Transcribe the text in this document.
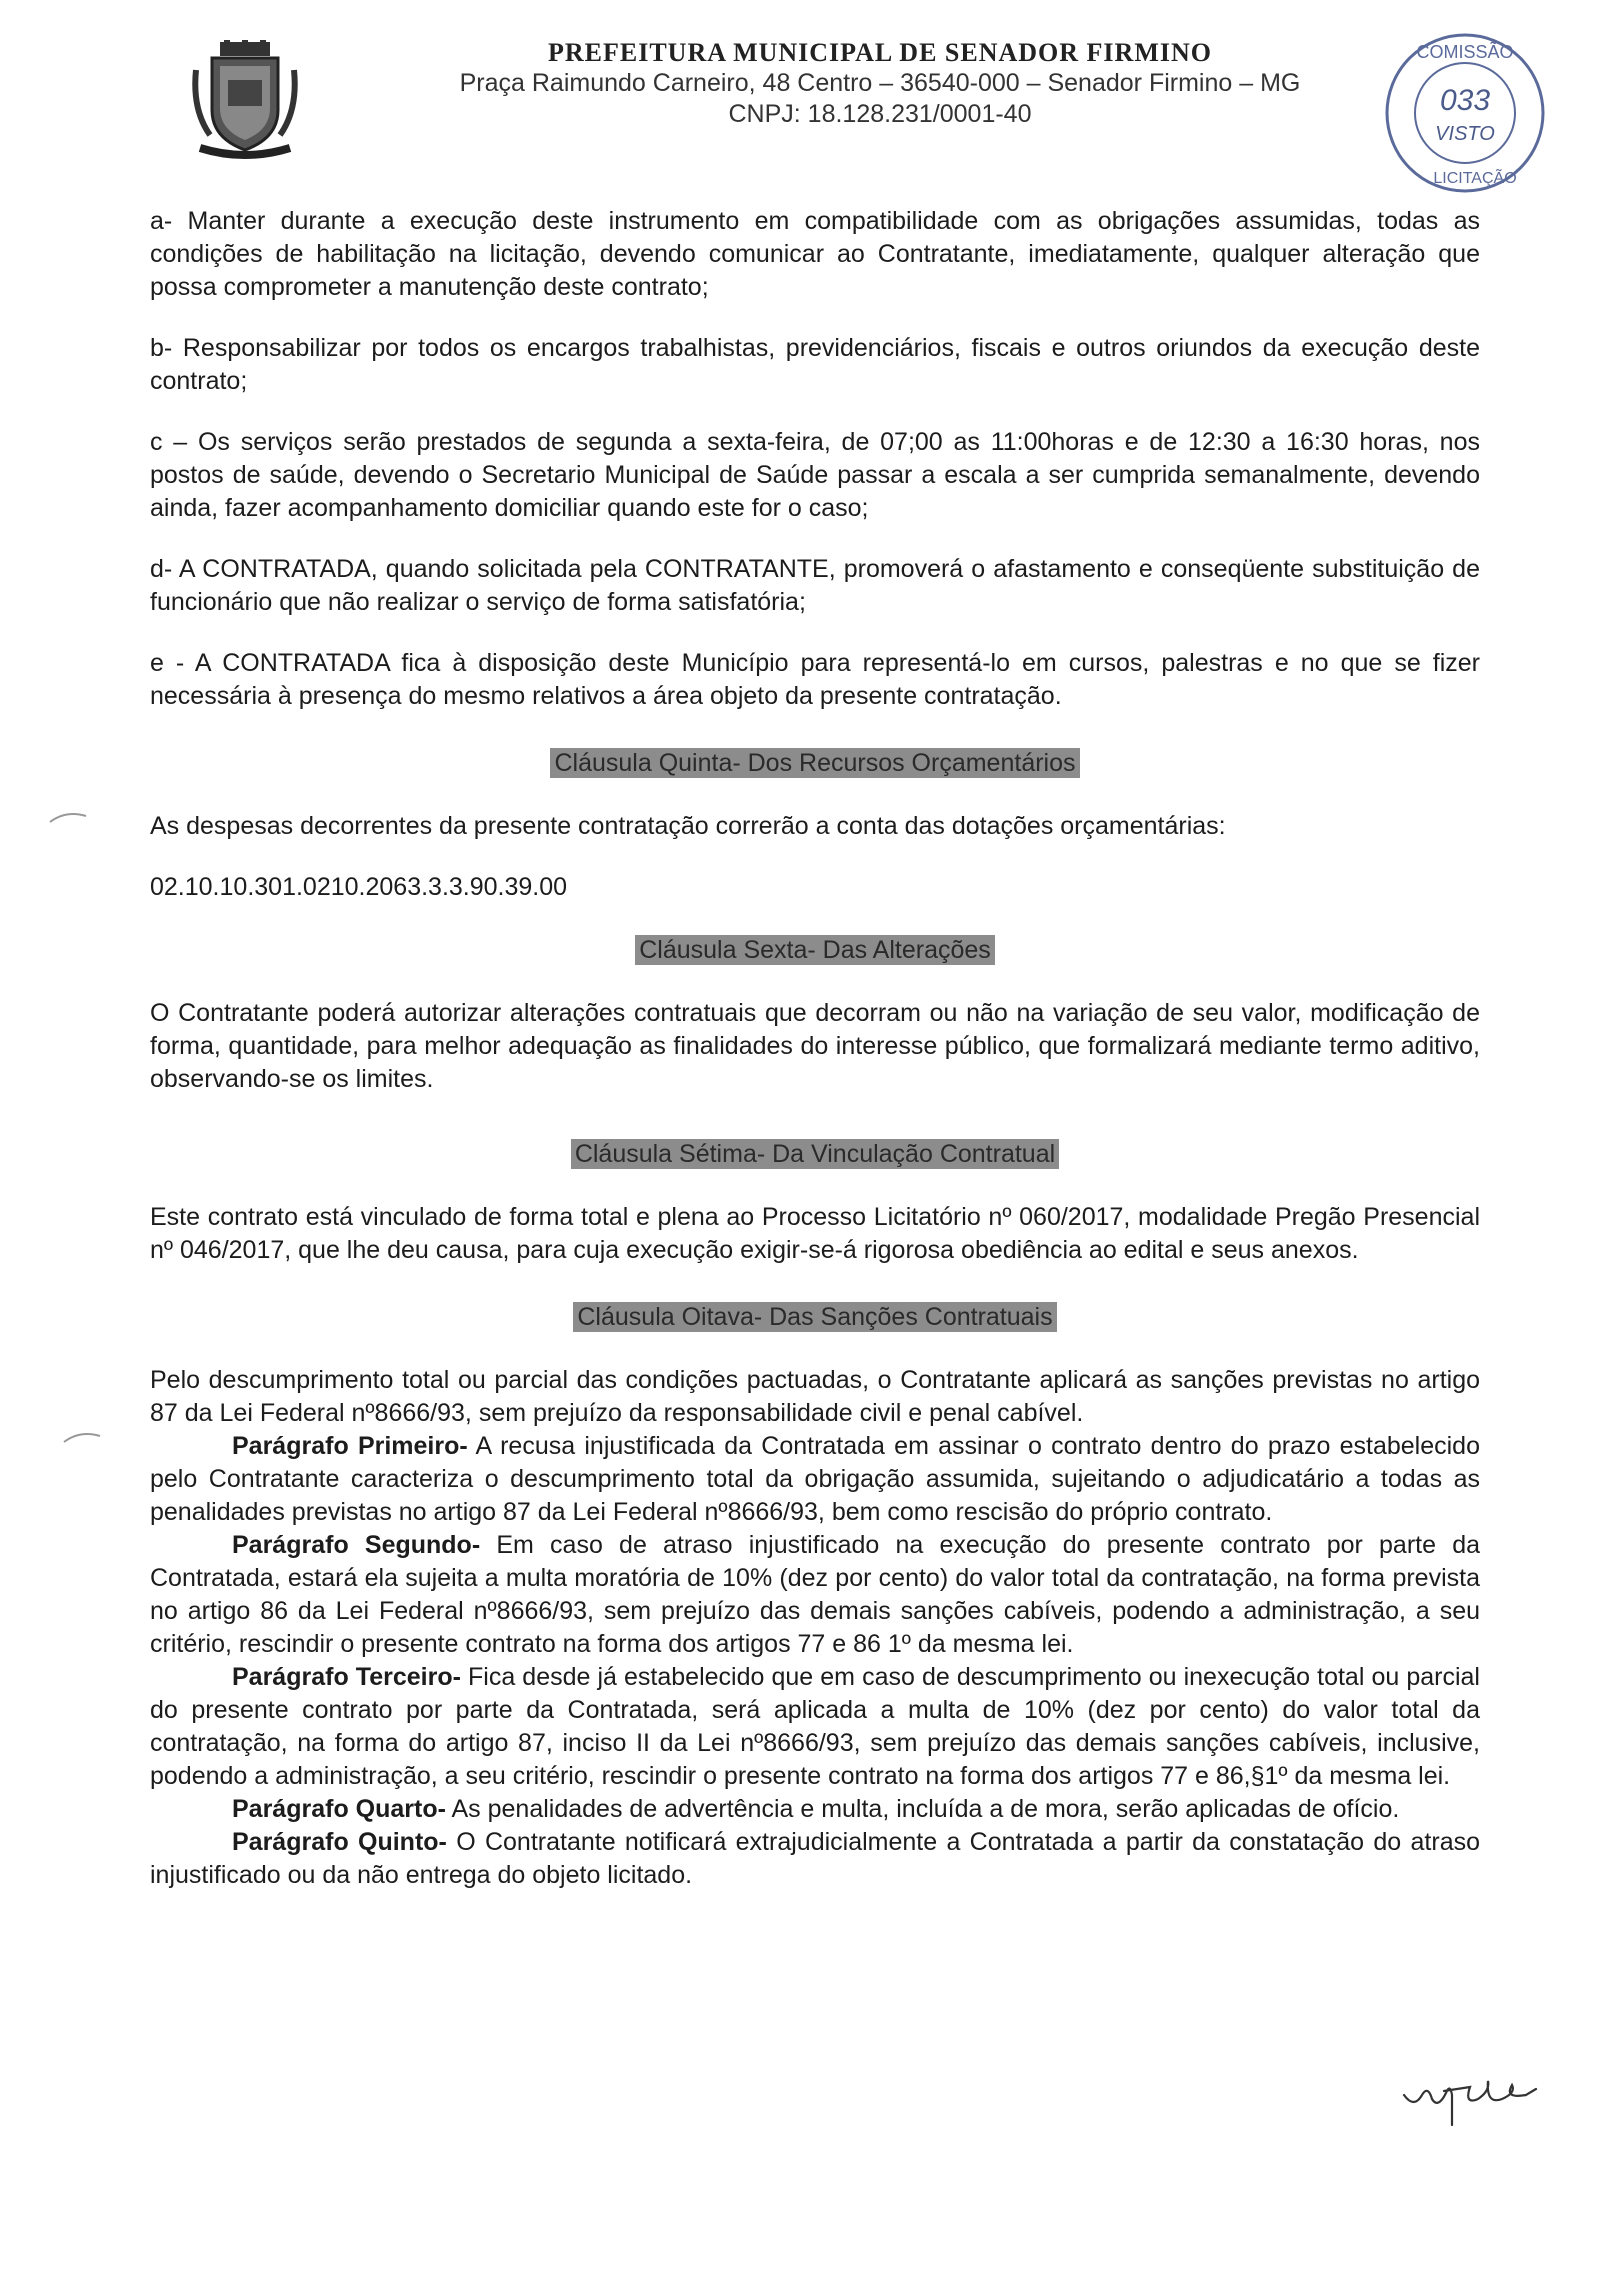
PREFEITURA MUNICIPAL DE SENADOR FIRMINO
Praça Raimundo Carneiro, 48 Centro – 36540-000 – Senador Firmino – MG
CNPJ: 18.128.231/0001-40
COMISSÃO
033
VISTO
LICITAÇÃO

a- Manter durante a execução deste instrumento em compatibilidade com as obrigações assumidas, todas as condições de habilitação na licitação, devendo comunicar ao Contratante, imediatamente, qualquer alteração que possa comprometer a manutenção deste contrato;

b- Responsabilizar por todos os encargos trabalhistas, previdenciários, fiscais e outros oriundos da execução deste contrato;

c – Os serviços serão prestados de segunda a sexta-feira, de 07;00 as 11:00horas e de 12:30 a 16:30 horas, nos postos de saúde, devendo o Secretario Municipal de Saúde passar a escala a ser cumprida semanalmente, devendo ainda, fazer acompanhamento domiciliar quando este for o caso;

d- A CONTRATADA, quando solicitada pela CONTRATANTE, promoverá o afastamento e conseqüente substituição de funcionário que não realizar o serviço de forma satisfatória;

e - A CONTRATADA fica à disposição deste Município para representá-lo em cursos, palestras e no que se fizer necessária à presença do mesmo relativos a área objeto da presente contratação.

Cláusula Quinta- Dos Recursos Orçamentários

As despesas decorrentes da presente contratação correrão a conta das dotações orçamentárias:

02.10.10.301.0210.2063.3.3.90.39.00

Cláusula Sexta- Das Alterações

O Contratante poderá autorizar alterações contratuais que decorram ou não na variação de seu valor, modificação de forma, quantidade, para melhor adequação as finalidades do interesse público, que formalizará mediante termo aditivo, observando-se os limites.

Cláusula Sétima- Da Vinculação Contratual

Este contrato está vinculado de forma total e plena ao Processo Licitatório nº 060/2017, modalidade Pregão Presencial nº 046/2017, que lhe deu causa, para cuja execução exigir-se-á rigorosa obediência ao edital e seus anexos.

Cláusula Oitava- Das Sanções Contratuais

Pelo descumprimento total ou parcial das condições pactuadas, o Contratante aplicará as sanções previstas no artigo 87 da Lei Federal nº8666/93, sem prejuízo da responsabilidade civil e penal cabível.

Parágrafo Primeiro- A recusa injustificada da Contratada em assinar o contrato dentro do prazo estabelecido pelo Contratante caracteriza o descumprimento total da obrigação assumida, sujeitando o adjudicatário a todas as penalidades previstas no artigo 87 da Lei Federal nº8666/93, bem como rescisão do próprio contrato.

Parágrafo Segundo- Em caso de atraso injustificado na execução do presente contrato por parte da Contratada, estará ela sujeita a multa moratória de 10% (dez por cento) do valor total da contratação, na forma prevista no artigo 86 da Lei Federal nº8666/93, sem prejuízo das demais sanções cabíveis, podendo a administração, a seu critério, rescindir o presente contrato na forma dos artigos 77 e 86 1º da mesma lei.

Parágrafo Terceiro- Fica desde já estabelecido que em caso de descumprimento ou inexecução total ou parcial do presente contrato por parte da Contratada, será aplicada a multa de 10% (dez por cento) do valor total da contratação, na forma do artigo 87, inciso II da Lei nº8666/93, sem prejuízo das demais sanções cabíveis, inclusive, podendo a administração, a seu critério, rescindir o presente contrato na forma dos artigos 77 e 86,§1º da mesma lei.

Parágrafo Quarto- As penalidades de advertência e multa, incluída a de mora, serão aplicadas de ofício.

Parágrafo Quinto- O Contratante notificará extrajudicialmente a Contratada a partir da constatação do atraso injustificado ou da não entrega do objeto licitado.
